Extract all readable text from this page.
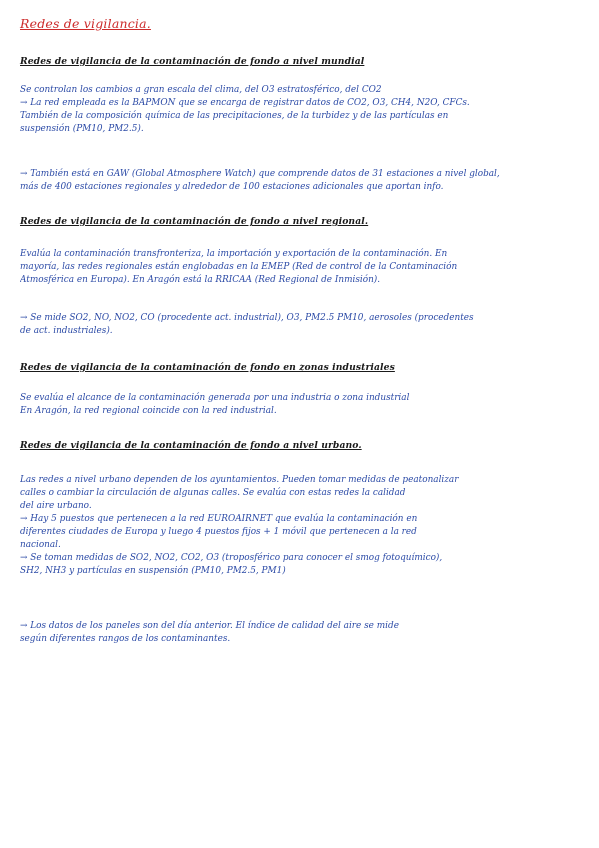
Redes de vigilancia.
Redes de vigilancia de la contaminación de fondo a nivel mundial

Se controlan los cambios a gran escala del clima, del O3 estratosférico, del CO2
→ La red empleada es la BAPMON que se encarga de registrar datos de CO2, O3, CH4, N2O, CFCs.
También de la composición química de las precipitaciones, de la turbidez y de las partículas en
suspensión (PM10, PM2.5).

→ También está en GAW (Global Atmosphere Watch) que comprende datos de 31 estaciones a nivel global,
más de 400 estaciones regionales y alrededor de 100 estaciones adicionales que aportan info.

Redes de vigilancia de la contaminación de fondo a nivel regional.

Evalúa la contaminación transfronteriza, la importación y exportación de la contaminación. En
mayoría, las redes regionales están englobadas en la EMEP (Red de control de la Contaminación
Atmosférica en Europa). En Aragón está la RRICAA (Red Regional de Inmisión).

→ Se mide SO2, NO, NO2, CO (procedente act. industrial), O3, PM2.5 PM10, aerosoles (procedentes
de act. industriales).

Redes de vigilancia de la contaminación de fondo en zonas industriales

Se evalúa el alcance de la contaminación generada por una industria o zona industrial
En Aragón, la red regional coincide con la red industrial.

Redes de vigilancia de la contaminación de fondo a nivel urbano.

Las redes a nivel urbano dependen de los ayuntamientos. Pueden tomar medidas de peatonalizar
calles o cambiar la circulación de algunas calles. Se evalúa con estas redes la calidad
del aire urbano.
→ Hay 5 puestos que pertenecen a la red EUROAIRNET que evalúa la contaminación en
diferentes ciudades de Europa y luego 4 puestos fijos + 1 móvil que pertenecen a la red
nacional.
→ Se toman medidas de SO2, NO2, CO2, O3 (troposférico para conocer el smog fotoquímico),
SH2, NH3 y partículas en suspensión (PM10, PM2.5, PM1)

→ Los datos de los paneles son del día anterior. El índice de calidad del aire se mide
según diferentes rangos de los contaminantes.
